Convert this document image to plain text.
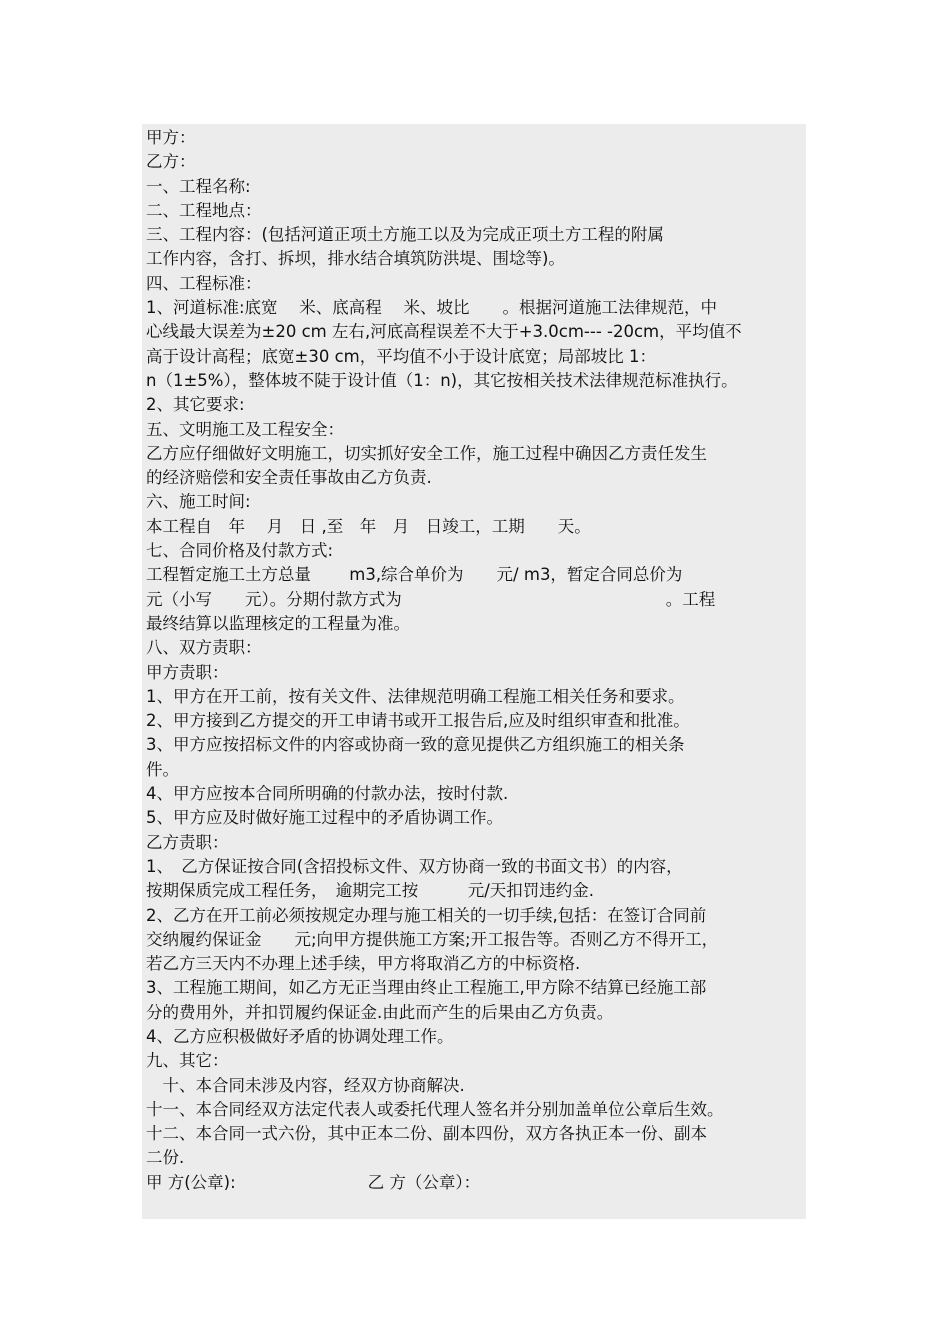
甲方：
乙方：
一、工程名称:
二、工程地点：
三、工程内容：(包括河道正项土方施工以及为完成正项土方工程的附属
工作内容，含打、拆坝，排水结合填筑防洪堤、围埝等)。
四、工程标准：
1、河道标准:底宽　 米、底高程　 米、坡比　　。根据河道施工法律规范，中
心线最大误差为±20 cm 左右,河底高程误差不大于+3.0cm--- -20cm，平均值不
高于设计高程；底宽±30 cm，平均值不小于设计底宽；局部坡比 1：
n（1±5%），整体坡不陡于设计值（1：n)，其它按相关技术法律规范标准执行。
2、其它要求:
五、文明施工及工程安全：
乙方应仔细做好文明施工，切实抓好安全工作，施工过程中确因乙方责任发生
的经济赔偿和安全责任事故由乙方负责.
六、施工时间:
本工程自　年　 月　日 ,至　年　月　日竣工，工期　　天。
七、合同价格及付款方式:
工程暂定施工土方总量　　 m3,综合单价为　　元/ m3，暂定合同总价为
元（小写　　元）。分期付款方式为　　　　　　　　　　　　　　　　。工程
最终结算以监理核定的工程量为准。
八、双方责职：
甲方责职：
1、甲方在开工前，按有关文件、法律规范明确工程施工相关任务和要求。
2、甲方接到乙方提交的开工申请书或开工报告后,应及时组织审查和批准。
3、甲方应按招标文件的内容或协商一致的意见提供乙方组织施工的相关条
件。
4、甲方应按本合同所明确的付款办法，按时付款.
5、甲方应及时做好施工过程中的矛盾协调工作。
乙方责职：
1、　乙方保证按合同(含招投标文件、双方协商一致的书面文书）的内容，
按期保质完成工程任务，　逾期完工按　　　元/天扣罚违约金.
2、乙方在开工前必须按规定办理与施工相关的一切手续,包括：在签订合同前
交纳履约保证金　　元;向甲方提供施工方案;开工报告等。否则乙方不得开工，
若乙方三天内不办理上述手续，甲方将取消乙方的中标资格.
3、工程施工期间，如乙方无正当理由终止工程施工,甲方除不结算已经施工部
分的费用外，并扣罚履约保证金.由此而产生的后果由乙方负责。
4、乙方应积极做好矛盾的协调处理工作。
九、其它：
　十、本合同未涉及内容，经双方协商解决.
十一、本合同经双方法定代表人或委托代理人签名并分别加盖单位公章后生效。
十二、本合同一式六份，其中正本二份、副本四份，双方各执正本一份、副本
二份.
甲 方(公章):　　　　　　　　乙 方（公章）：
